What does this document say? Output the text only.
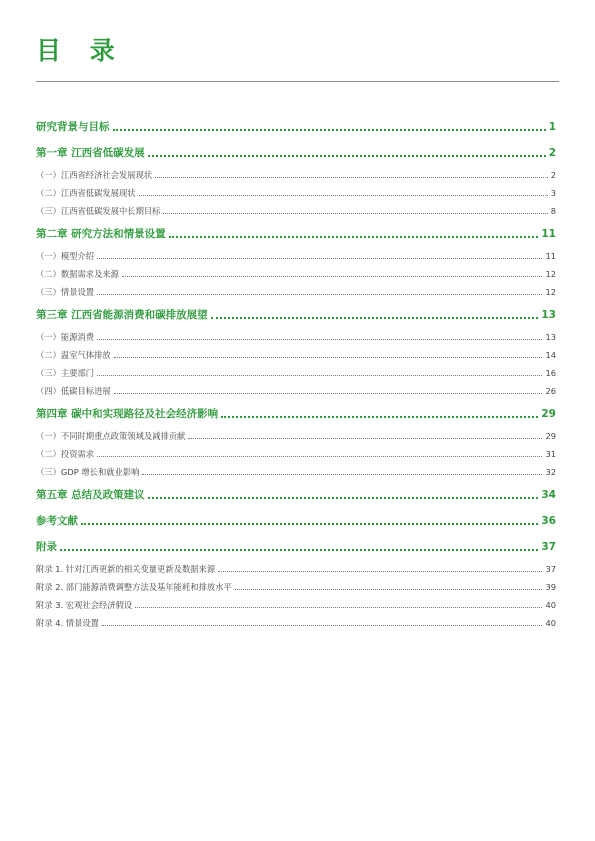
目 录
研究背景与目标	1
第一章 江西省低碳发展	2
（一）江西省经济社会发展现状	2
（二）江西省低碳发展现状	3
（三）江西省低碳发展中长期目标	8
第二章 研究方法和情景设置	11
（一）模型介绍	11
（二）数据需求及来源	12
（三）情景设置	12
第三章 江西省能源消费和碳排放展望	13
（一）能源消费	13
（二）温室气体排放	14
（三）主要部门	16
（四）低碳目标进展	26
第四章 碳中和实现路径及社会经济影响	29
（一）不同时期重点政策领域及减排贡献	29
（二）投资需求	31
（三）GDP 增长和就业影响	32
第五章 总结及政策建议	34
参考文献	36
附录	37
附录 1. 针对江西更新的相关变量更新及数据来源	37
附录 2. 部门能源消费调整方法及基年能耗和排放水平	39
附录 3. 宏观社会经济假设	40
附录 4. 情景设置	40
